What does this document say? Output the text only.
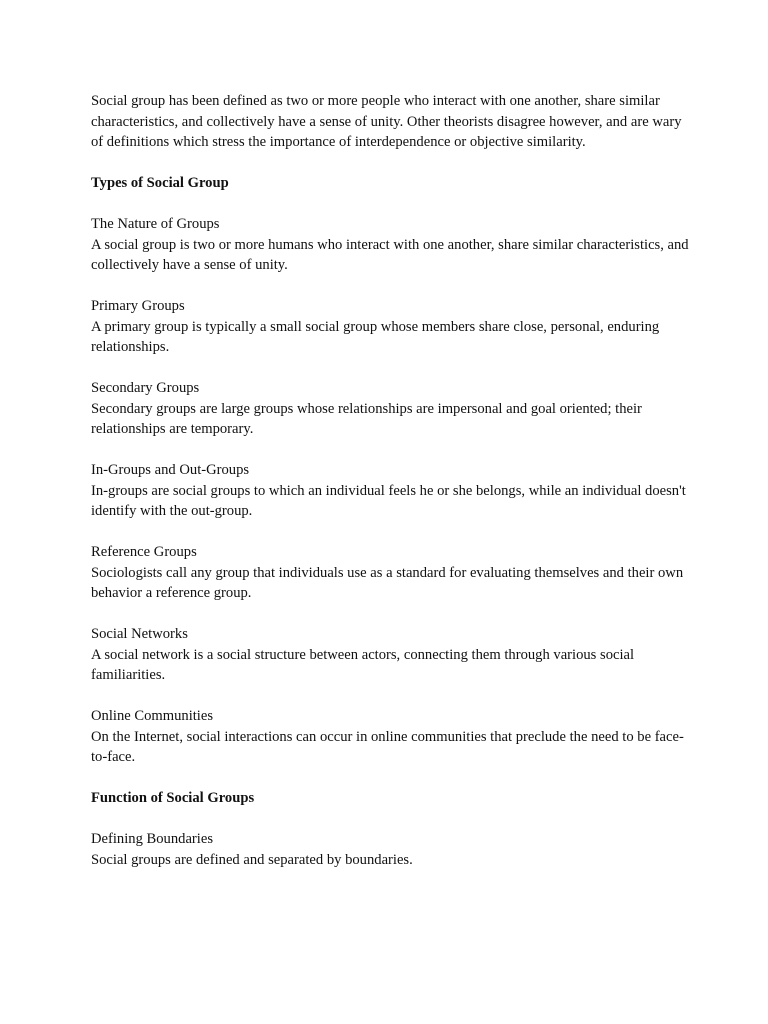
Social group has been defined as two or more people who interact with one another, share similar characteristics, and collectively have a sense of unity. Other theorists disagree however, and are wary of definitions which stress the importance of interdependence or objective similarity.

Types of Social Group

The Nature of Groups
A social group is two or more humans who interact with one another, share similar characteristics, and collectively have a sense of unity.

Primary Groups
A primary group is typically a small social group whose members share close, personal, enduring relationships.

Secondary Groups
Secondary groups are large groups whose relationships are impersonal and goal oriented; their relationships are temporary.

In-Groups and Out-Groups
In-groups are social groups to which an individual feels he or she belongs, while an individual doesn't identify with the out-group.

Reference Groups
Sociologists call any group that individuals use as a standard for evaluating themselves and their own behavior a reference group.

Social Networks
A social network is a social structure between actors, connecting them through various social familiarities.

Online Communities
On the Internet, social interactions can occur in online communities that preclude the need to be face-to-face.

Function of Social Groups

Defining Boundaries
Social groups are defined and separated by boundaries.
